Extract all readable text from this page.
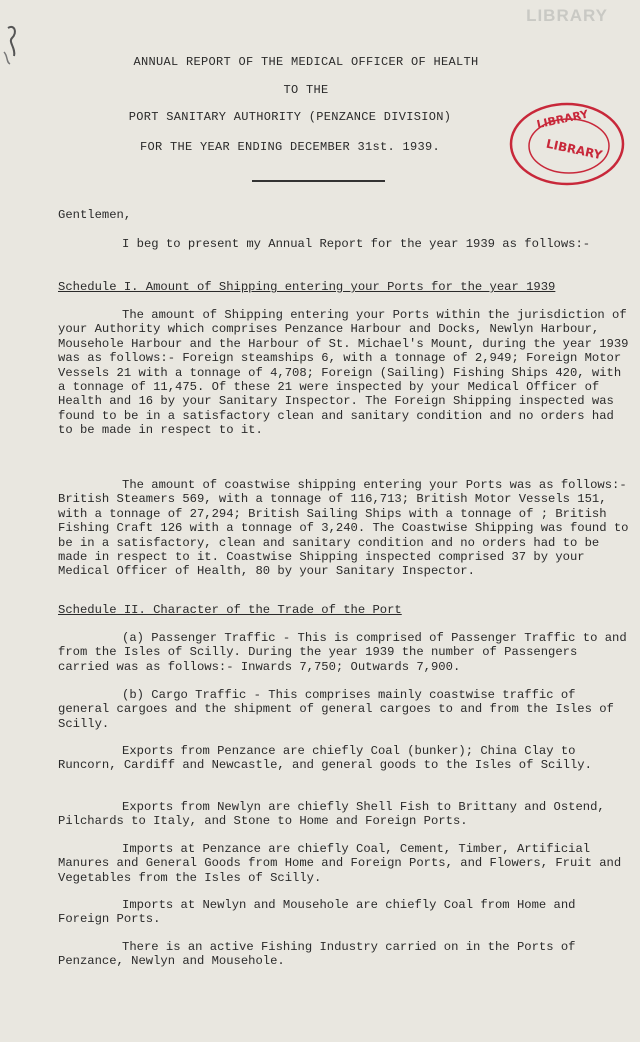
LIBRARY
ANNUAL REPORT OF THE MEDICAL OFFICER OF HEALTH
TO THE
PORT SANITARY AUTHORITY (PENZANCE DIVISION)
FOR THE YEAR ENDING DECEMBER 31st. 1939.
LIBRARY
LIBRARY
Gentlemen,
I beg to present my Annual Report for the year 1939 as follows:-
Schedule I. Amount of Shipping entering your Ports for the year 1939
The amount of Shipping entering your Ports within the jurisdiction of your Authority which comprises Penzance Harbour and Docks, Newlyn Harbour, Mousehole Harbour and the Harbour of St. Michael's Mount, during the year 1939 was as follows:- Foreign steamships 6, with a tonnage of 2,949; Foreign Motor Vessels 21 with a tonnage of 4,708; Foreign (Sailing) Fishing Ships 420, with a tonnage of 11,475. Of these 21 were inspected by your Medical Officer of Health and 16 by your Sanitary Inspector. The Foreign Shipping inspected was found to be in a satisfactory clean and sanitary condition and no orders had to be made in respect to it.
The amount of coastwise shipping entering your Ports was as follows:- British Steamers 569, with a tonnage of 116,713; British Motor Vessels 151, with a tonnage of 27,294; British Sailing Ships with a tonnage of ; British Fishing Craft 126 with a tonnage of 3,240. The Coastwise Shipping was found to be in a satisfactory, clean and sanitary condition and no orders had to be made in respect to it. Coastwise Shipping inspected comprised 37 by your Medical Officer of Health, 80 by your Sanitary Inspector.
Schedule II. Character of the Trade of the Port
(a) Passenger Traffic - This is comprised of Passenger Traffic to and from the Isles of Scilly. During the year 1939 the number of Passengers carried was as follows:- Inwards 7,750; Outwards 7,900.
(b) Cargo Traffic - This comprises mainly coastwise traffic of general cargoes and the shipment of general cargoes to and from the Isles of Scilly.
Exports from Penzance are chiefly Coal (bunker); China Clay to Runcorn, Cardiff and Newcastle, and general goods to the Isles of Scilly.
Exports from Newlyn are chiefly Shell Fish to Brittany and Ostend, Pilchards to Italy, and Stone to Home and Foreign Ports.
Imports at Penzance are chiefly Coal, Cement, Timber, Artificial Manures and General Goods from Home and Foreign Ports, and Flowers, Fruit and Vegetables from the Isles of Scilly.
Imports at Newlyn and Mousehole are chiefly Coal from Home and Foreign Ports.
There is an active Fishing Industry carried on in the Ports of Penzance, Newlyn and Mousehole.
